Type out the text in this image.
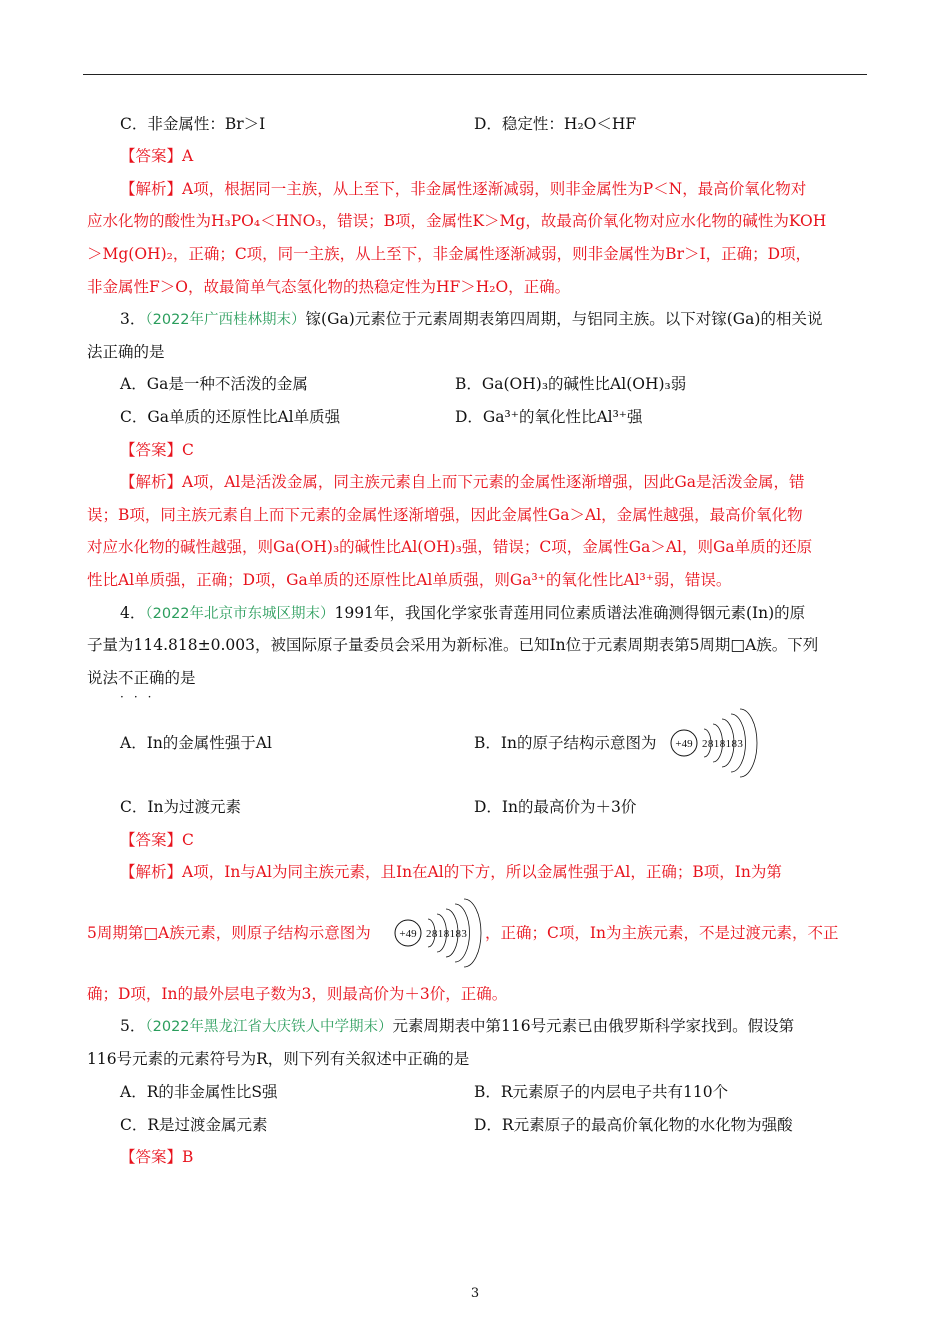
C．非金属性：Br＞I	D．稳定性：H₂O＜HF
【答案】A
【解析】A项，根据同一主族，从上至下，非金属性逐渐减弱，则非金属性为P＜N，最高价氧化物对
应水化物的酸性为H₃PO₄＜HNO₃，错误；B项，金属性K＞Mg，故最高价氧化物对应水化物的碱性为KOH
＞Mg(OH)₂，正确；C项，同一主族，从上至下，非金属性逐渐减弱，则非金属性为Br＞I，正确；D项，
非金属性F＞O，故最简单气态氢化物的热稳定性为HF＞H₂O，正确。
3．（2022年广西桂林期末）镓(Ga)元素位于元素周期表第四周期，与铝同主族。以下对镓(Ga)的相关说
法正确的是
A．Ga是一种不活泼的金属	B．Ga(OH)₃的碱性比Al(OH)₃弱
C．Ga单质的还原性比Al单质强	D．Ga³⁺的氧化性比Al³⁺强
【答案】C
【解析】A项，Al是活泼金属，同主族元素自上而下元素的金属性逐渐增强，因此Ga是活泼金属，错
误；B项，同主族元素自上而下元素的金属性逐渐增强，因此金属性Ga＞Al，金属性越强，最高价氧化物
对应水化物的碱性越强，则Ga(OH)₃的碱性比Al(OH)₃强，错误；C项，金属性Ga＞Al，则Ga单质的还原
性比Al单质强，正确；D项，Ga单质的还原性比Al单质强，则Ga³⁺的氧化性比Al³⁺弱，错误。
4．（2022年北京市东城区期末）1991年，我国化学家张青莲用同位素质谱法准确测得铟元素(In)的原
子量为114.818±0.003，被国际原子量委员会采用为新标准。已知In位于元素周期表第5周期□A族。下列
说法不正确的是
A．In的金属性强于Al	B．In的原子结构示意图为
C．In为过渡元素	D．In的最高价为＋3价
【答案】C
【解析】A项，In与Al为同主族元素，且In在Al的下方，所以金属性强于Al，正确；B项，In为第
5周期第□A族元素，则原子结构示意图为	，正确；C项，In为主族元素，不是过渡元素，不正
确；D项，In的最外层电子数为3，则最高价为＋3价，正确。
5．（2022年黑龙江省大庆铁人中学期末）元素周期表中第116号元素已由俄罗斯科学家找到。假设第
116号元素的元素符号为R，则下列有关叙述中正确的是
A．R的非金属性比S强	B．R元素原子的内层电子共有110个
C．R是过渡金属元素	D．R元素原子的最高价氧化物的水化物为强酸
【答案】B
···
3
+49 2818183
+49 2818183
